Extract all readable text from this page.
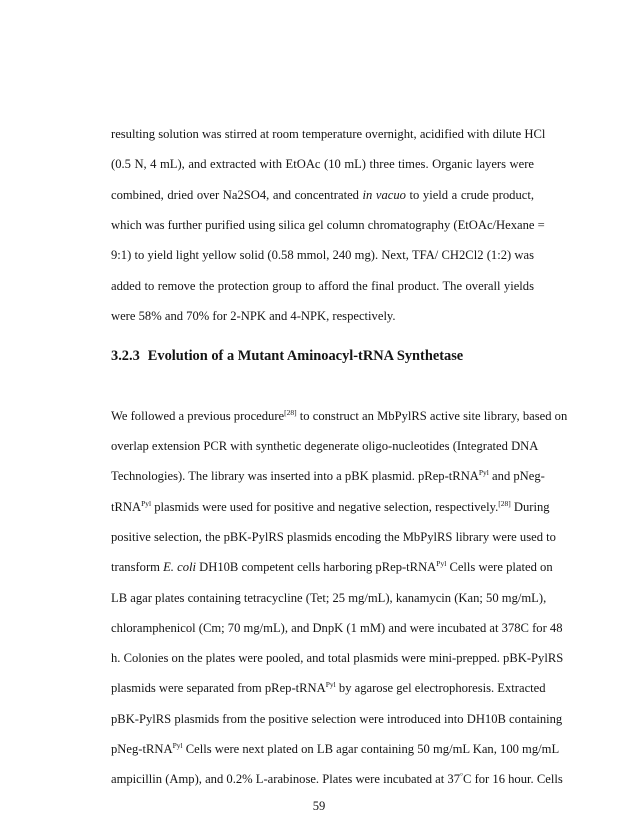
resulting solution was stirred at room temperature overnight, acidified with dilute HCl
(0.5 N, 4 mL), and extracted with EtOAc (10 mL) three times. Organic layers were
combined, dried over Na2SO4, and concentrated in vacuo to yield a crude product,
which was further purified using silica gel column chromatography (EtOAc/Hexane =
9:1) to yield light yellow solid (0.58 mmol, 240 mg). Next, TFA/ CH2Cl2 (1:2) was
added to remove the protection group to afford the final product. The overall yields
were 58% and 70% for 2-NPK and 4-NPK, respectively.
3.2.3 Evolution of a Mutant Aminoacyl-tRNA Synthetase
We followed a previous procedure[28] to construct an MbPylRS active site library, based on
overlap extension PCR with synthetic degenerate oligo-nucleotides (Integrated DNA
Technologies). The library was inserted into a pBK plasmid. pRep-tRNA$^{Pyl}$ and pNeg-
tRNA$^{Pyl}$ plasmids were used for positive and negative selection, respectively.[28] During
positive selection, the pBK-PylRS plasmids encoding the MbPylRS library were used to
transform E. coli DH10B competent cells harboring pRep-tRNA$^{Pyl}$ Cells were plated on
LB agar plates containing tetracycline (Tet; 25 mg/mL), kanamycin (Kan; 50 mg/mL),
chloramphenicol (Cm; 70 mg/mL), and DnpK (1 mM) and were incubated at 378C for 48
h. Colonies on the plates were pooled, and total plasmids were mini-prepped. pBK-PylRS
plasmids were separated from pRep-tRNA$^{Pyl}$ by agarose gel electrophoresis. Extracted
pBK-PylRS plasmids from the positive selection were introduced into DH10B containing
pNeg-tRNA$^{Pyl}$ Cells were next plated on LB agar containing 50 mg/mL Kan, 100 mg/mL
ampicillin (Amp), and 0.2% L-arabinose. Plates were incubated at 37°C for 16 hour. Cells
59
